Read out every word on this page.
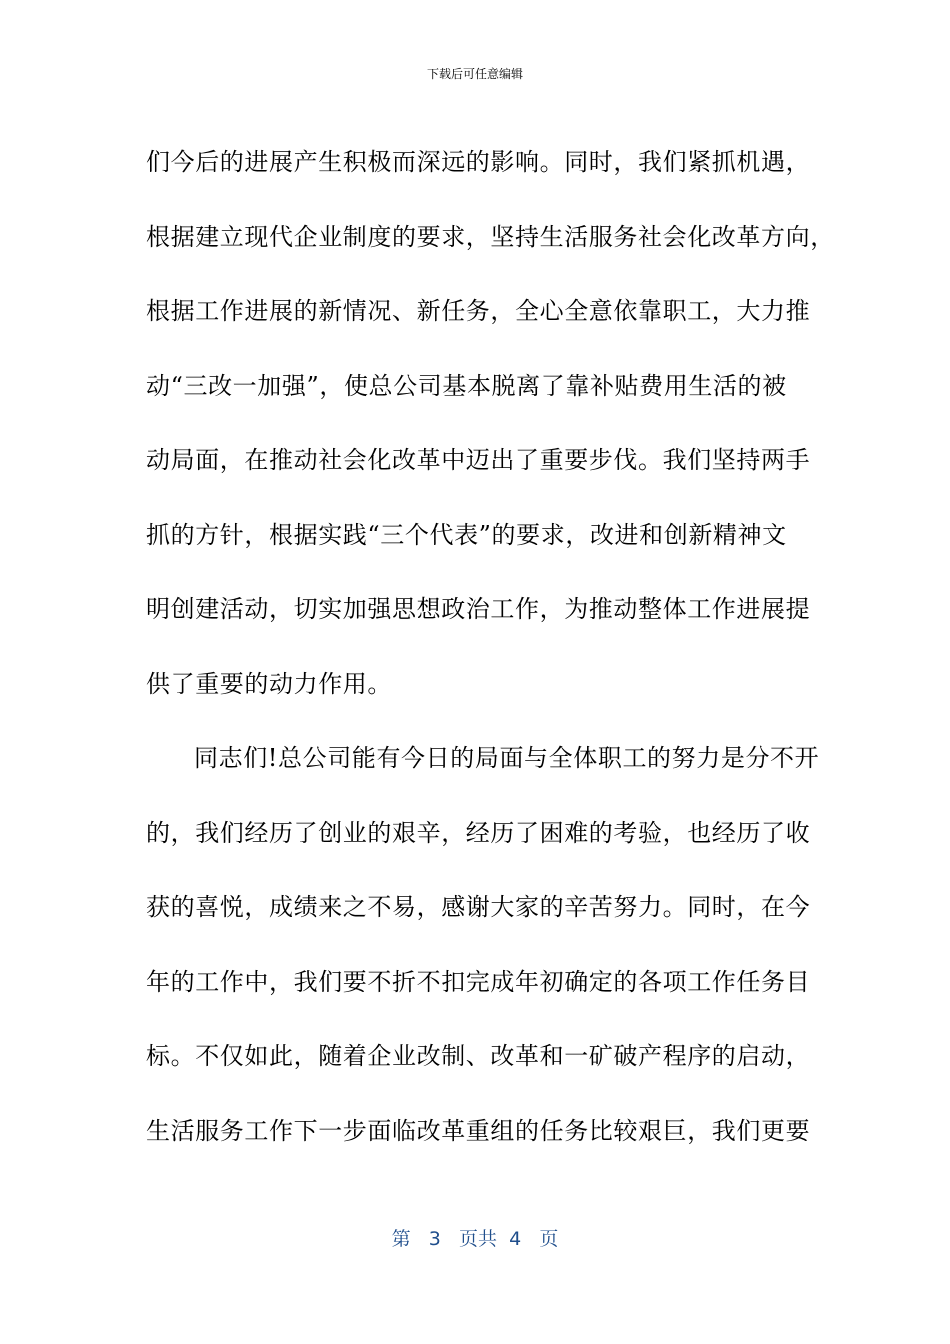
下载后可任意编辑
们今后的进展产生积极而深远的影响。同时，我们紧抓机遇，
根据建立现代企业制度的要求，坚持生活服务社会化改革方向，
根据工作进展的新情况、新任务，全心全意依靠职工，大力推
动“三改一加强”，使总公司基本脱离了靠补贴费用生活的被
动局面，在推动社会化改革中迈出了重要步伐。我们坚持两手
抓的方针，根据实践“三个代表”的要求，改进和创新精神文
明创建活动，切实加强思想政治工作，为推动整体工作进展提
供了重要的动力作用。
同志们!总公司能有今日的局面与全体职工的努力是分不开
的，我们经历了创业的艰辛，经历了困难的考验，也经历了收
获的喜悦，成绩来之不易，感谢大家的辛苦努力。同时，在今
年的工作中，我们要不折不扣完成年初确定的各项工作任务目
标。不仅如此，随着企业改制、改革和一矿破产程序的启动，
生活服务工作下一步面临改革重组的任务比较艰巨，我们更要
第 3 页共 4 页
